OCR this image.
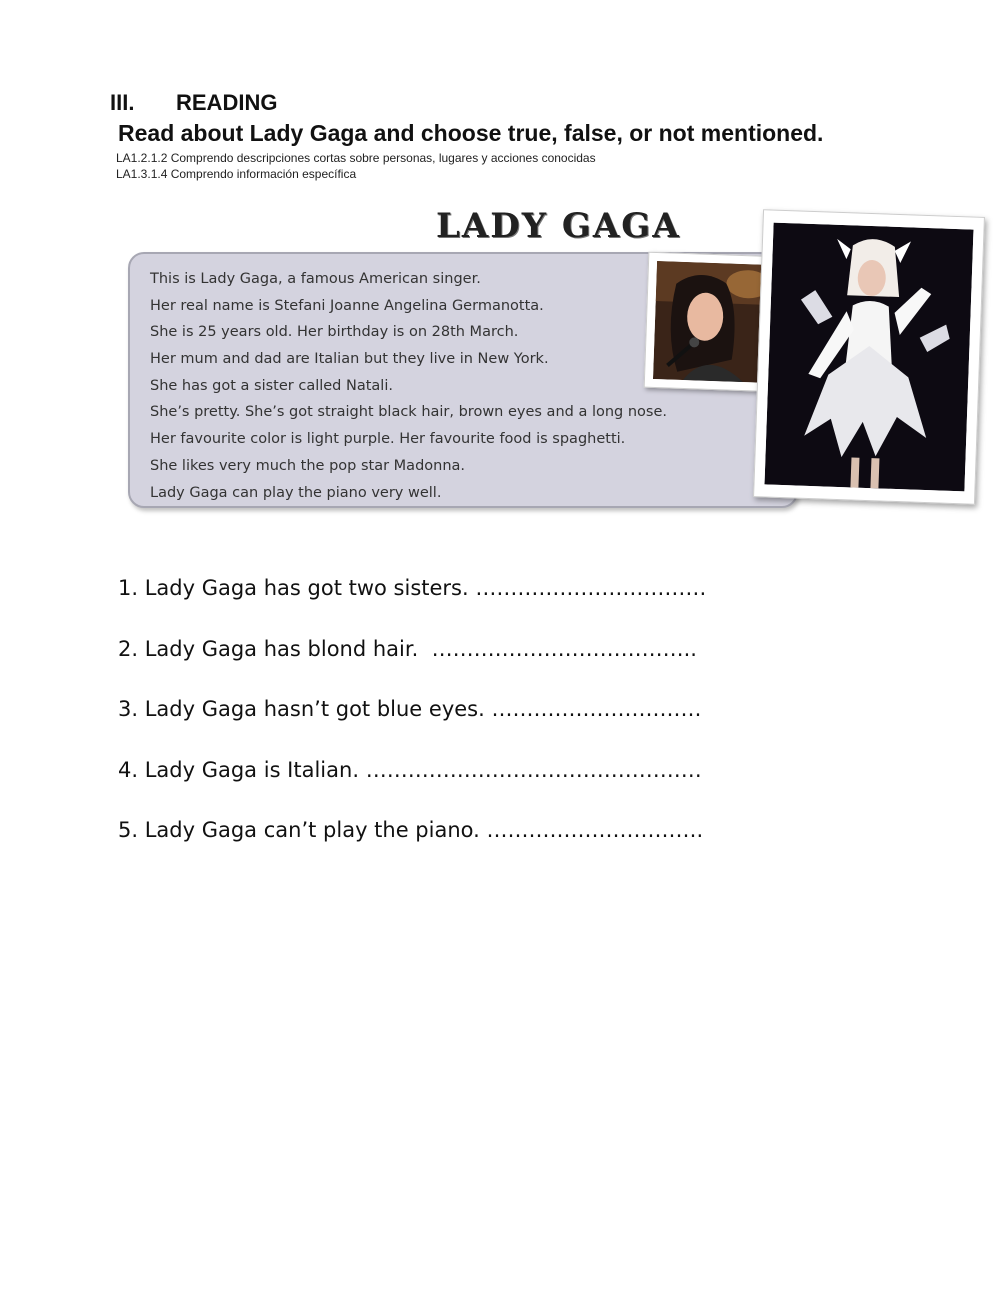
III. READING
Read about Lady Gaga and choose true, false, or not mentioned.
LA1.2.1.2 Comprendo descripciones cortas sobre personas, lugares y acciones conocidas
LA1.3.1.4 Comprendo información específica
LADY GAGA
This is Lady Gaga, a famous American singer.
Her real name is Stefani Joanne Angelina Germanotta.
She is 25 years old. Her birthday is on 28th March.
Her mum and dad are Italian but they live in New York.
She has got a sister called Natali.
She’s pretty. She’s got straight black hair, brown eyes and a long nose.
Her favourite color is light purple. Her favourite food is spaghetti.
She likes very much the pop star Madonna.
Lady Gaga can play the piano very well.
1. Lady Gaga has got two sisters. ……………………………
2. Lady Gaga has blond hair. ………………………………..
3. Lady Gaga hasn’t got blue eyes. …………………………
4. Lady Gaga is Italian. …………………………………………
5. Lady Gaga can’t play the piano. ………………………….
